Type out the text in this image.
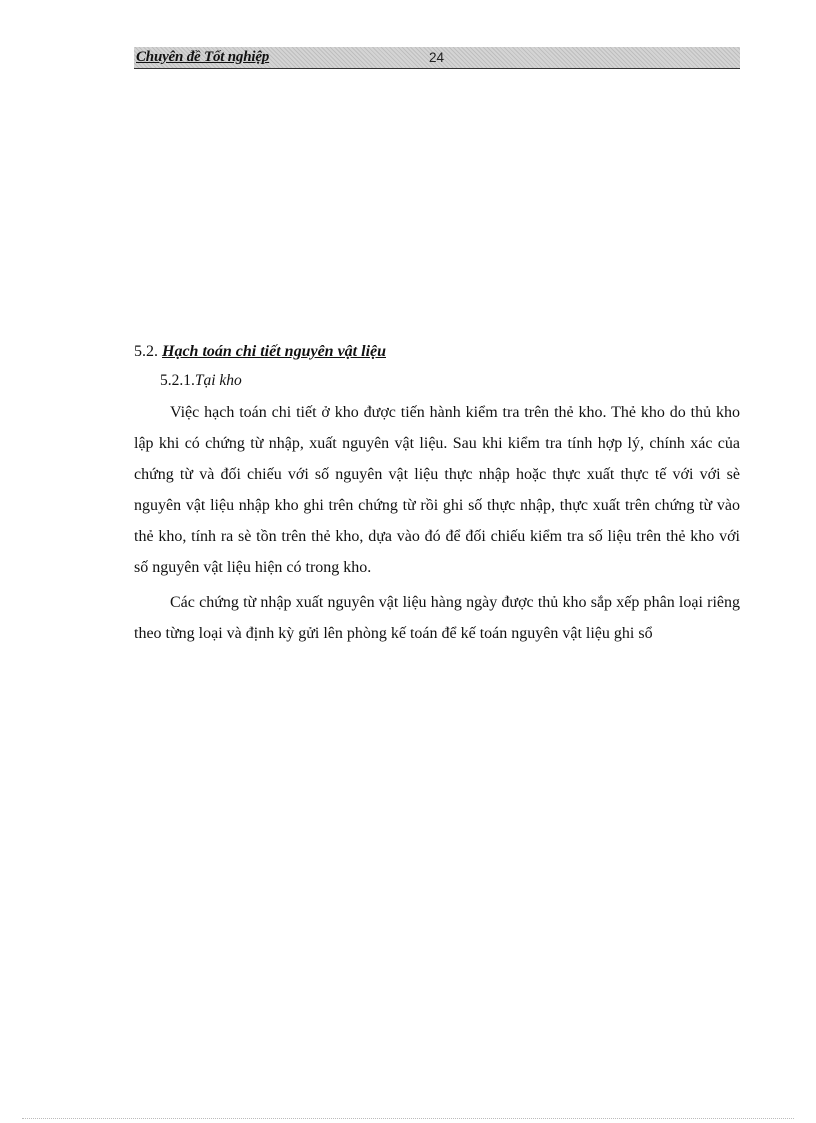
Chuyên đề Tốt nghiệp	24
5.2. Hạch toán chi tiết nguyên vật liệu
5.2.1.Tại kho

Việc hạch toán chi tiết ở kho được tiến hành kiểm tra trên thẻ kho. Thẻ kho do thủ kho lập khi có chứng từ nhập, xuất nguyên vật liệu. Sau khi kiểm tra tính hợp lý, chính xác của chứng từ và đối chiếu với số nguyên vật liệu thực nhập hoặc thực xuất thực tế với với sè nguyên vật liệu nhập kho ghi trên chứng từ rồi ghi số thực nhập, thực xuất trên chứng từ vào thẻ kho, tính ra sè tồn trên thẻ kho, dựa vào đó để đối chiếu kiểm tra số liệu trên thẻ kho với số nguyên vật liệu hiện có trong kho.

Các chứng từ nhập xuất nguyên vật liệu hàng ngày được thủ kho sắp xếp phân loại riêng theo từng loại và định kỳ gửi lên phòng kế toán để kế toán nguyên vật liệu ghi sổ
